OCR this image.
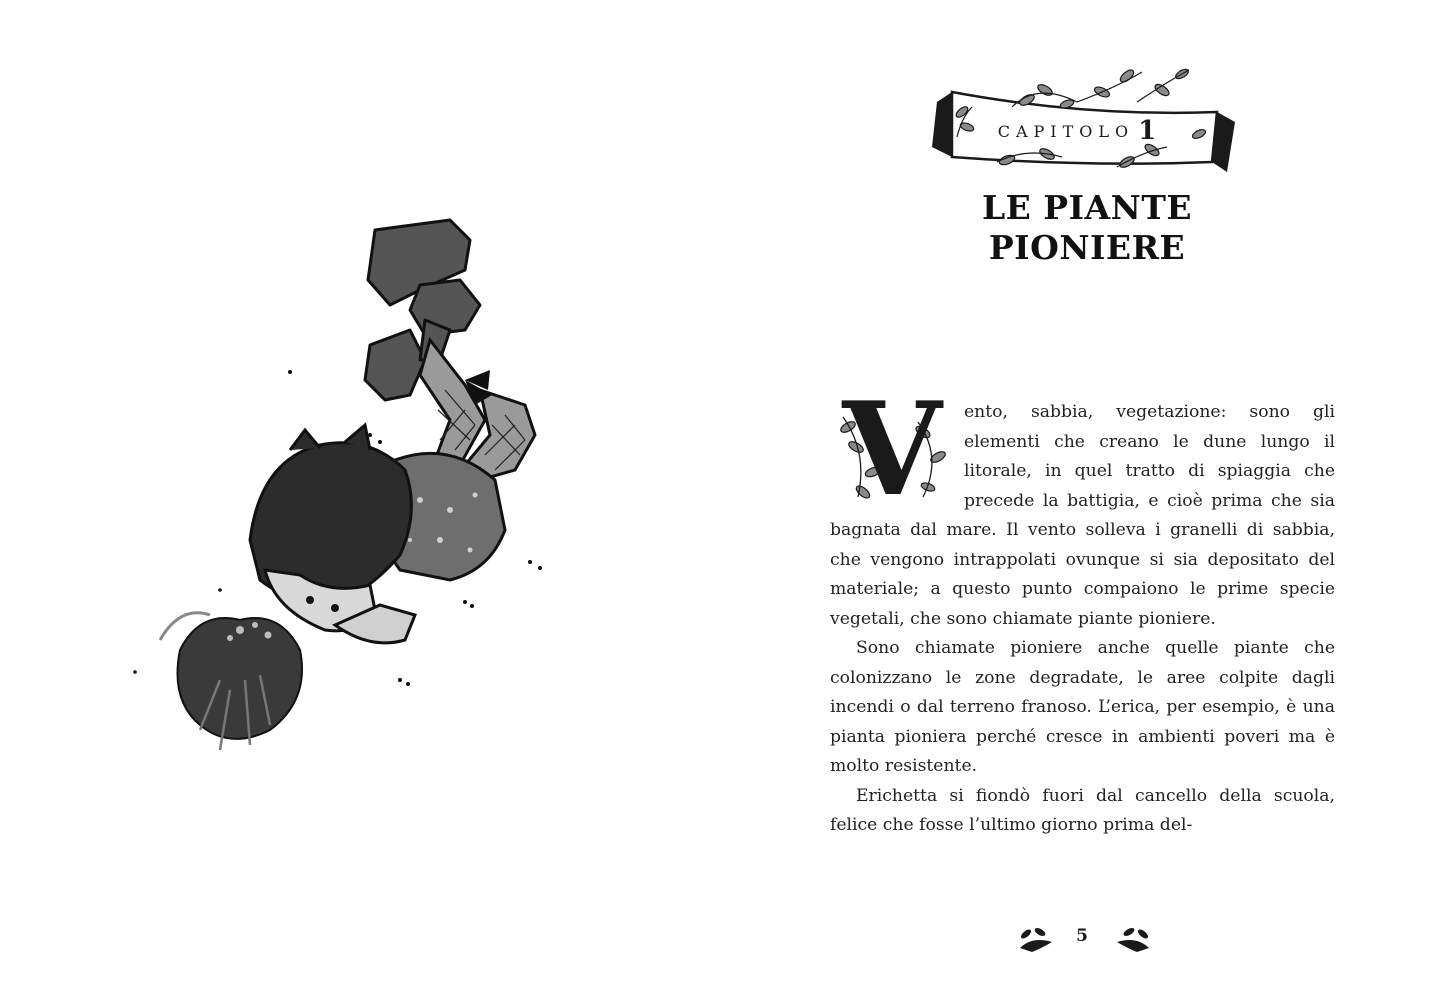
CAPITOLO 1
LE PIANTE
PIONIERE

V	ento, sabbia, vegetazione: sono gli elementi che creano le dune lungo il litorale, in quel tratto di spiaggia che precede la battigia, e cioè prima che sia bagnata dal mare. Il vento solleva i granelli di sabbia, che vengono intrappolati ovunque si sia depositato del materiale; a questo punto compaiono le prime specie vegetali, che sono chiamate piante pioniere.

Sono chiamate pioniere anche quelle piante che colonizzano le zone degradate, le aree colpite dagli incendi o dal terreno franoso. L’erica, per esempio, è una pianta pioniera perché cresce in ambienti poveri ma è molto resistente.

Erichetta si fiondò fuori dal cancello della scuola, felice che fosse l’ultimo giorno prima del-

5
